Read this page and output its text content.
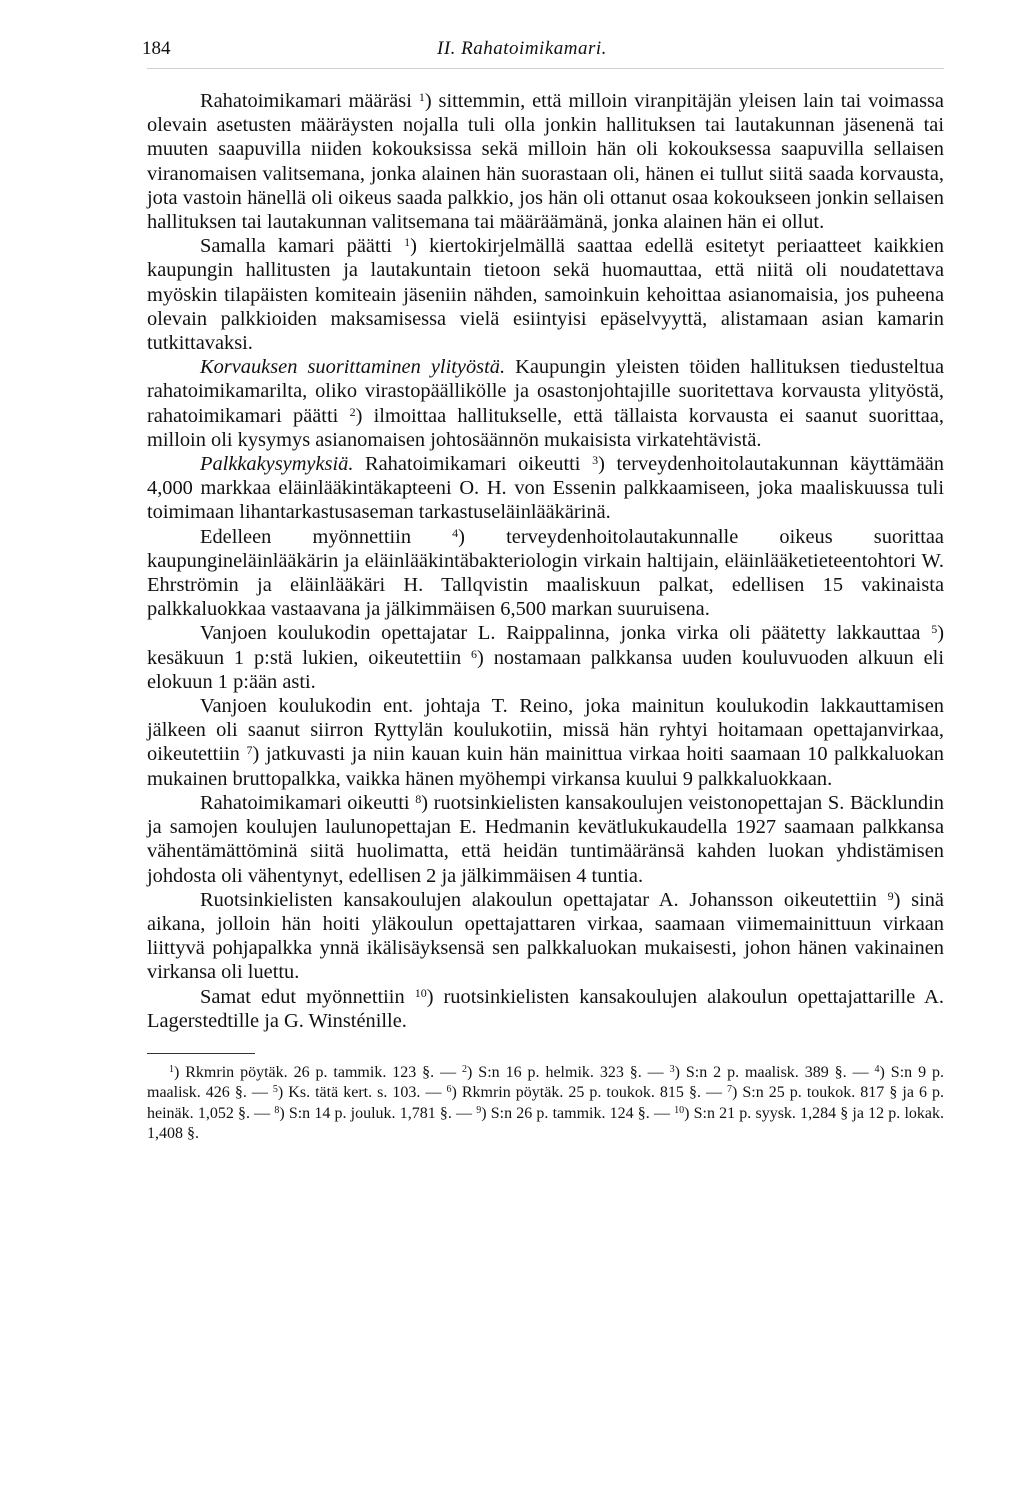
184	II. Rahatoimikamari.

Rahatoimikamari määräsi $^1$) sittemmin, että milloin viranpitäjän yleisen lain tai voimassa olevain asetusten määräysten nojalla tuli olla jonkin hallituksen tai lautakunnan jäsenenä tai muuten saapuvilla niiden kokouksissa sekä milloin hän oli kokouksessa saapuvilla sellaisen viranomaisen valitsemana, jonka alainen hän suorastaan oli, hänen ei tullut siitä saada korvausta, jota vastoin hänellä oli oikeus saada palkkio, jos hän oli ottanut osaa kokoukseen jonkin sellaisen hallituksen tai lautakunnan valitsemana tai määräämänä, jonka alainen hän ei ollut.

Samalla kamari päätti $^1$) kiertokirjelmällä saattaa edellä esitetyt periaatteet kaikkien kaupungin hallitusten ja lautakuntain tietoon sekä huomauttaa, että niitä oli noudatettava myöskin tilapäisten komiteain jäseniin nähden, samoinkuin kehoittaa asianomaisia, jos puheena olevain palkkioiden maksamisessa vielä esiintyisi epäselvyyttä, alistamaan asian kamarin tutkittavaksi.

Korvauksen suorittaminen ylityöstä. Kaupungin yleisten töiden hallituksen tiedusteltua rahatoimikamarilta, oliko virastopäällikölle ja osastonjohtajille suoritettava korvausta ylityöstä, rahatoimikamari päätti $^2$) ilmoittaa hallitukselle, että tällaista korvausta ei saanut suorittaa, milloin oli kysymys asianomaisen johtosäännön mukaisista virkatehtävistä.

Palkkakysymyksiä. Rahatoimikamari oikeutti $^3$) terveydenhoitolautakunnan käyttämään 4,000 markkaa eläinlääkintäkapteeni O. H. von Essenin palkkaamiseen, joka maaliskuussa tuli toimimaan lihantarkastusaseman tarkastuseläinlääkärinä.

Edelleen myönnettiin $^4$) terveydenhoitolautakunnalle oikeus suorittaa kaupungineläinlääkärin ja eläinlääkintäbakteriologin virkain haltijain, eläinlääketieteentohtori W. Ehrströmin ja eläinlääkäri H. Tallqvistin maaliskuun palkat, edellisen 15 vakinaista palkkaluokkaa vastaavana ja jälkimmäisen 6,500 markan suuruisena.

Vanjoen koulukodin opettajatar L. Raippalinna, jonka virka oli päätetty lakkauttaa $^5$) kesäkuun 1 p:stä lukien, oikeutettiin $^6$) nostamaan palkkansa uuden kouluvuoden alkuun eli elokuun 1 p:ään asti.

Vanjoen koulukodin ent. johtaja T. Reino, joka mainitun koulukodin lakkauttamisen jälkeen oli saanut siirron Ryttylän koulukotiin, missä hän ryhtyi hoitamaan opettajanvirkaa, oikeutettiin $^7$) jatkuvasti ja niin kauan kuin hän mainittua virkaa hoiti saamaan 10 palkkaluokan mukainen bruttopalkka, vaikka hänen myöhempi virkansa kuului 9 palkkaluokkaan.

Rahatoimikamari oikeutti $^8$) ruotsinkielisten kansakoulujen veistonopettajan S. Bäcklundin ja samojen koulujen laulunopettajan E. Hedmanin kevätlukukaudella 1927 saamaan palkkansa vähentämättöminä siitä huolimatta, että heidän tuntimääränsä kahden luokan yhdistämisen johdosta oli vähentynyt, edellisen 2 ja jälkimmäisen 4 tuntia.

Ruotsinkielisten kansakoulujen alakoulun opettajatar A. Johansson oikeutettiin $^9$) sinä aikana, jolloin hän hoiti yläkoulun opettajattaren virkaa, saamaan viimemainittuun virkaan liittyvä pohjapalkka ynnä ikälisäyksensä sen palkkaluokan mukaisesti, johon hänen vakinainen virkansa oli luettu.

Samat edut myönnettiin $^{10}$) ruotsinkielisten kansakoulujen alakoulun opettajattarille A. Lagerstedtille ja G. Winsténille.

$^1$) Rkmrin pöytäk. 26 p. tammik. 123 §. — $^2$) S:n 16 p. helmik. 323 §. — $^3$) S:n 2 p. maalisk. 389 §. — $^4$) S:n 9 p. maalisk. 426 §. — $^5$) Ks. tätä kert. s. 103. — $^6$) Rkmrin pöytäk. 25 p. toukok. 815 §. — $^7$) S:n 25 p. toukok. 817 § ja 6 p. heinäk. 1,052 §. — $^8$) S:n 14 p. jouluk. 1,781 §. — $^9$) S:n 26 p. tammik. 124 §. — $^{10}$) S:n 21 p. syysk. 1,284 § ja 12 p. lokak. 1,408 §.
